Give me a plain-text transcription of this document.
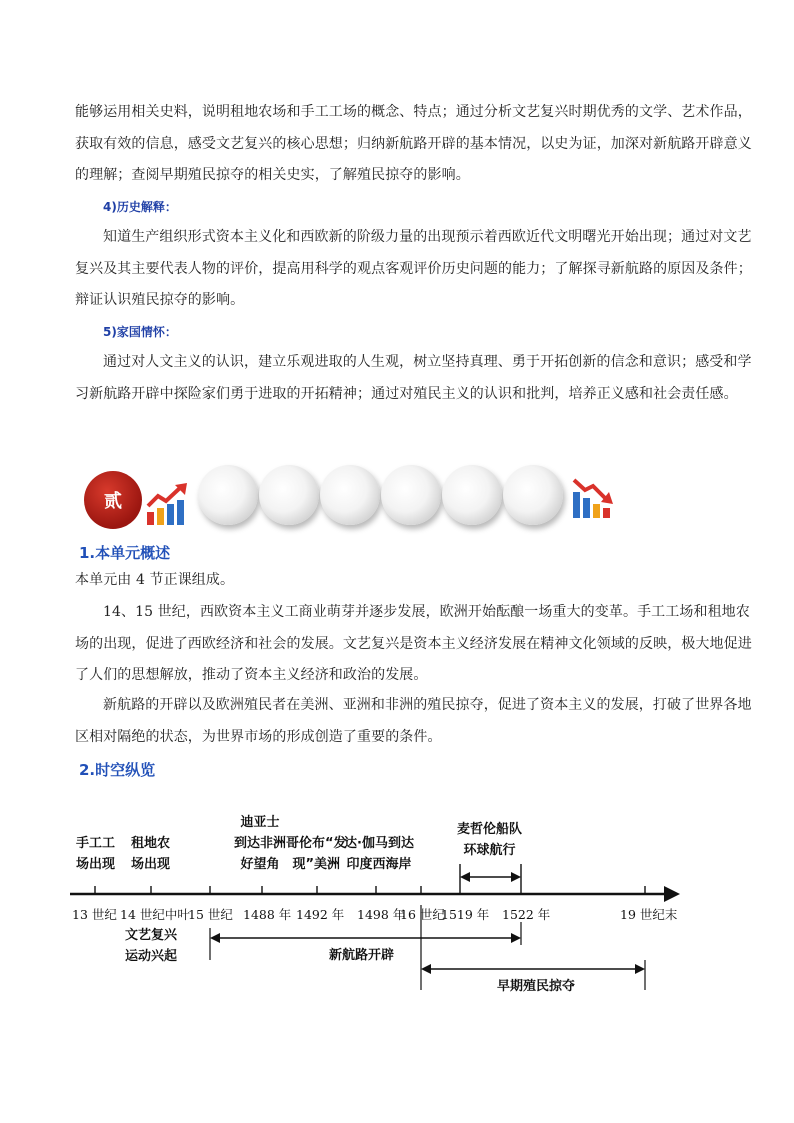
能够运用相关史料，说明租地农场和手工工场的概念、特点；通过分析文艺复兴时期优秀的文学、艺术作品，获取有效的信息，感受文艺复兴的核心思想；归纳新航路开辟的基本情况，以史为证，加深对新航路开辟意义的理解；查阅早期殖民掠夺的相关史实，了解殖民掠夺的影响。
4)历史解释：
知道生产组织形式资本主义化和西欧新的阶级力量的出现预示着西欧近代文明曙光开始出现；通过对文艺复兴及其主要代表人物的评价，提高用科学的观点客观评价历史问题的能力；了解探寻新航路的原因及条件；辩证认识殖民掠夺的影响。
5)家国情怀：
通过对人文主义的认识，建立乐观进取的人生观，树立坚持真理、勇于开拓创新的信念和意识；感受和学习新航路开辟中探险家们勇于进取的开拓精神；通过对殖民主义的认识和批判，培养正义感和社会责任感。
贰
1.本单元概述
本单元由 4 节正课组成。
14、15 世纪，西欧资本主义工商业萌芽并逐步发展，欧洲开始酝酿一场重大的变革。手工工场和租地农场的出现，促进了西欧经济和社会的发展。文艺复兴是资本主义经济发展在精神文化领域的反映，极大地促进了人们的思想解放，推动了资本主义经济和政治的发展。
新航路的开辟以及欧洲殖民者在美洲、亚洲和非洲的殖民掠夺，促进了资本主义的发展，打破了世界各地区相对隔绝的状态，为世界市场的形成创造了重要的条件。
2.时空纵览
手工工
场出现
租地农
场出现
迪亚士
到达非洲
好望角
哥伦布“发
现”美洲
达·伽马到达
印度西海岸
麦哲伦船队
环球航行
13 世纪 14 世纪中叶
15 世纪 1488 年 1492 年 1498 年
16 世纪
1519 年 1522 年	19 世纪末
文艺复兴
运动兴起	新航路开辟
早期殖民掠夺
